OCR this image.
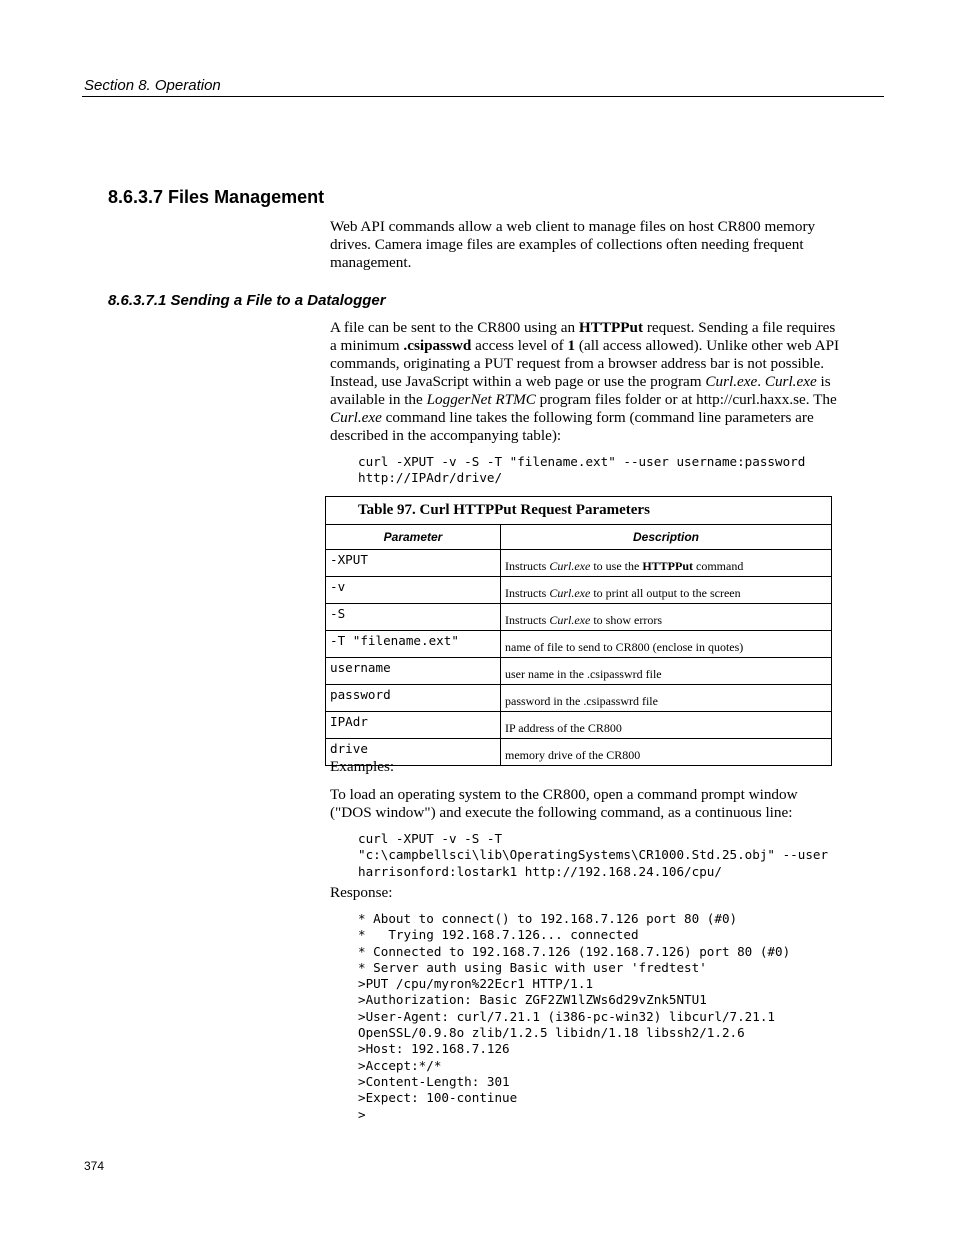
Section 8. Operation
8.6.3.7 Files Management
Web API commands allow a web client to manage files on host CR800 memory drives. Camera image files are examples of collections often needing frequent management.
8.6.3.7.1 Sending a File to a Datalogger
A file can be sent to the CR800 using an HTTPPut request. Sending a file requires a minimum .csipasswd access level of 1 (all access allowed). Unlike other web API commands, originating a PUT request from a browser address bar is not possible. Instead, use JavaScript within a web page or use the program Curl.exe. Curl.exe is available in the LoggerNet RTMC program files folder or at http://curl.haxx.se. The Curl.exe command line takes the following form (command line parameters are described in the accompanying table):
curl -XPUT -v -S -T "filename.ext" --user username:password
http://IPAdr/drive/
Table 97. Curl HTTPPut Request Parameters	
Parameter	Description
-XPUT	Instructs Curl.exe to use the HTTPPut command
-v	Instructs Curl.exe to print all output to the screen
-S	Instructs Curl.exe to show errors
-T "filename.ext"	name of file to send to CR800 (enclose in quotes)
username	user name in the .csipasswrd file
password	password in the .csipasswrd file
IPAdr	IP address of the CR800
drive	memory drive of the CR800
Examples:
To load an operating system to the CR800, open a command prompt window ("DOS window") and execute the following command, as a continuous line:
curl -XPUT -v -S -T
"c:\campbellsci\lib\OperatingSystems\CR1000.Std.25.obj" --user
harrisonford:lostark1 http://192.168.24.106/cpu/
Response:
* About to connect() to 192.168.7.126 port 80 (#0)
*   Trying 192.168.7.126... connected
* Connected to 192.168.7.126 (192.168.7.126) port 80 (#0)
* Server auth using Basic with user 'fredtest'
>PUT /cpu/myron%22Ecr1 HTTP/1.1
>Authorization: Basic ZGF2ZW1lZWs6d29vZnk5NTU1
>User-Agent: curl/7.21.1 (i386-pc-win32) libcurl/7.21.1
OpenSSL/0.9.8o zlib/1.2.5 libidn/1.18 libssh2/1.2.6
>Host: 192.168.7.126
>Accept:*/*
>Content-Length: 301
>Expect: 100-continue
>
374
